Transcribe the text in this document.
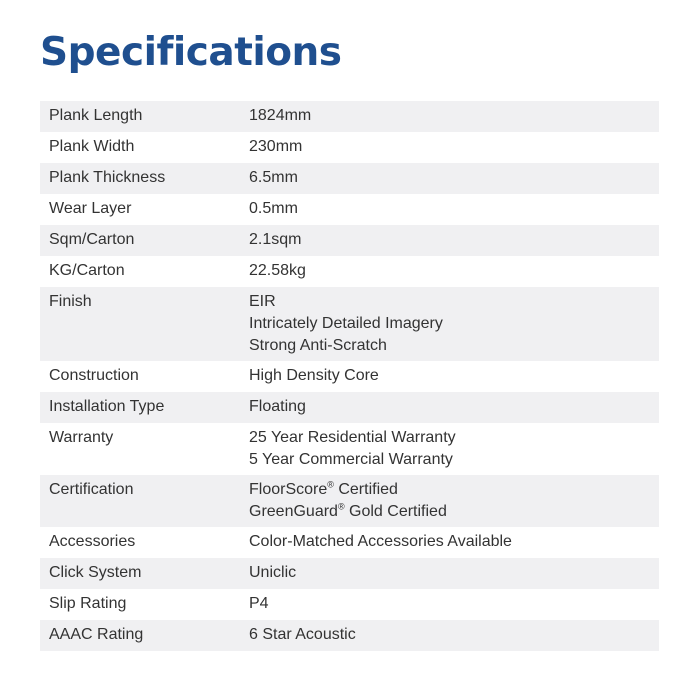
Specifications
Plank Length	1824mm
Plank Width	230mm
Plank Thickness	6.5mm
Wear Layer	0.5mm
Sqm/Carton	2.1sqm
KG/Carton	22.58kg
Finish	EIR
Intricately Detailed Imagery
Strong Anti-Scratch
Construction	High Density Core
Installation Type	Floating
Warranty	25 Year Residential Warranty
5 Year Commercial Warranty
Certification	FloorScore® Certified
GreenGuard® Gold Certified
Accessories	Color-Matched Accessories Available
Click System	Uniclic
Slip Rating	P4
AAAC Rating	6 Star Acoustic
